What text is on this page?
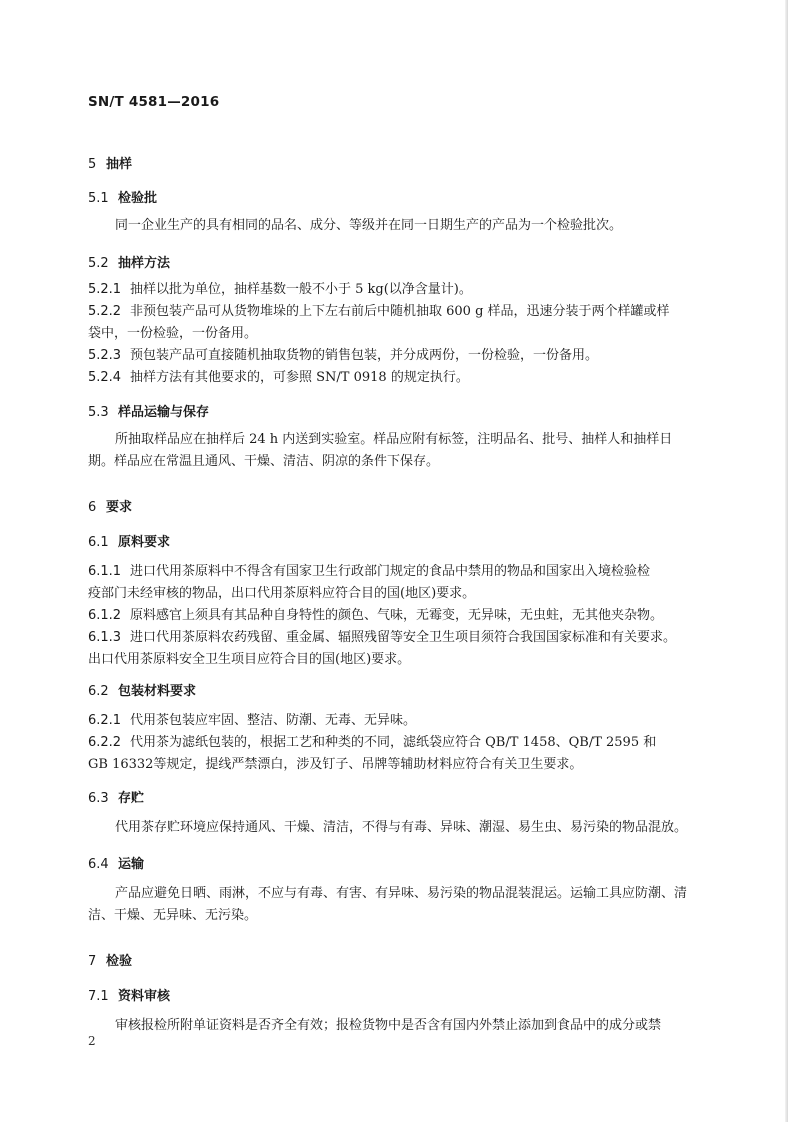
SN/T 4581—2016
5 抽样
5.1 检验批
同一企业生产的具有相同的品名、成分、等级并在同一日期生产的产品为一个检验批次。
5.2 抽样方法
5.2.1 抽样以批为单位，抽样基数一般不小于 5 kg(以净含量计)。
5.2.2 非预包装产品可从货物堆垛的上下左右前后中随机抽取 600 g 样品，迅速分装于两个样罐或样
袋中，一份检验，一份备用。
5.2.3 预包装产品可直接随机抽取货物的销售包装，并分成两份，一份检验，一份备用。
5.2.4 抽样方法有其他要求的，可参照 SN/T 0918 的规定执行。
5.3 样品运输与保存
所抽取样品应在抽样后 24 h 内送到实验室。样品应附有标签，注明品名、批号、抽样人和抽样日
期。样品应在常温且通风、干燥、清洁、阴凉的条件下保存。
6 要求
6.1 原料要求
6.1.1 进口代用茶原料中不得含有国家卫生行政部门规定的食品中禁用的物品和国家出入境检验检
疫部门未经审核的物品，出口代用茶原料应符合目的国(地区)要求。
6.1.2 原料感官上须具有其品种自身特性的颜色、气味，无霉变，无异味，无虫蛀，无其他夹杂物。
6.1.3 进口代用茶原料农药残留、重金属、辐照残留等安全卫生项目须符合我国国家标准和有关要求。
出口代用茶原料安全卫生项目应符合目的国(地区)要求。
6.2 包装材料要求
6.2.1 代用茶包装应牢固、整洁、防潮、无毒、无异味。
6.2.2 代用茶为滤纸包装的，根据工艺和种类的不同，滤纸袋应符合 QB/T 1458、QB/T 2595 和
GB 16332等规定，提线严禁漂白，涉及钉子、吊牌等辅助材料应符合有关卫生要求。
6.3 存贮
代用茶存贮环境应保持通风、干燥、清洁，不得与有毒、异味、潮湿、易生虫、易污染的物品混放。
6.4 运输
产品应避免日晒、雨淋，不应与有毒、有害、有异味、易污染的物品混装混运。运输工具应防潮、清
洁、干燥、无异味、无污染。
7 检验
7.1 资料审核
审核报检所附单证资料是否齐全有效；报检货物中是否含有国内外禁止添加到食品中的成分或禁
2
